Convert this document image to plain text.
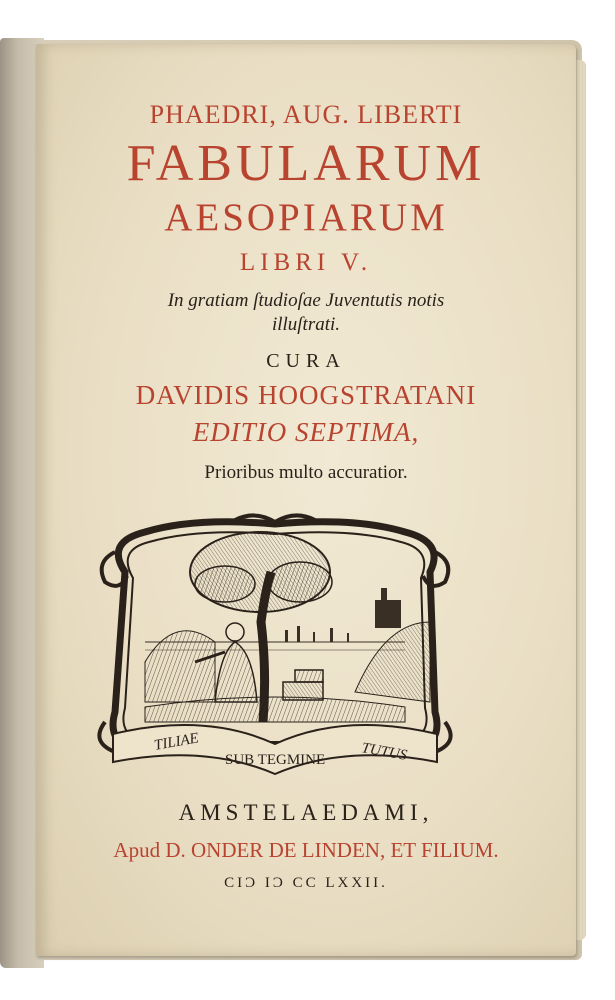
PHAEDRI, AUG. LIBERTI
FABULARUM
AESOPIARUM
LIBRI V.
In gratiam ſtudioſae Juventutis notis
illuſtrati.
CURA
DAVIDIS HOOGSTRATANI
EDITIO SEPTIMA,
Prioribus multo accuratior.
TILIAE
SUB TEGMINE TUTUS
AMSTELAEDAMI,
Apud D. ONDER DE LINDEN, ET FILIUM.
CIϽ IϽ CC LXXII.
